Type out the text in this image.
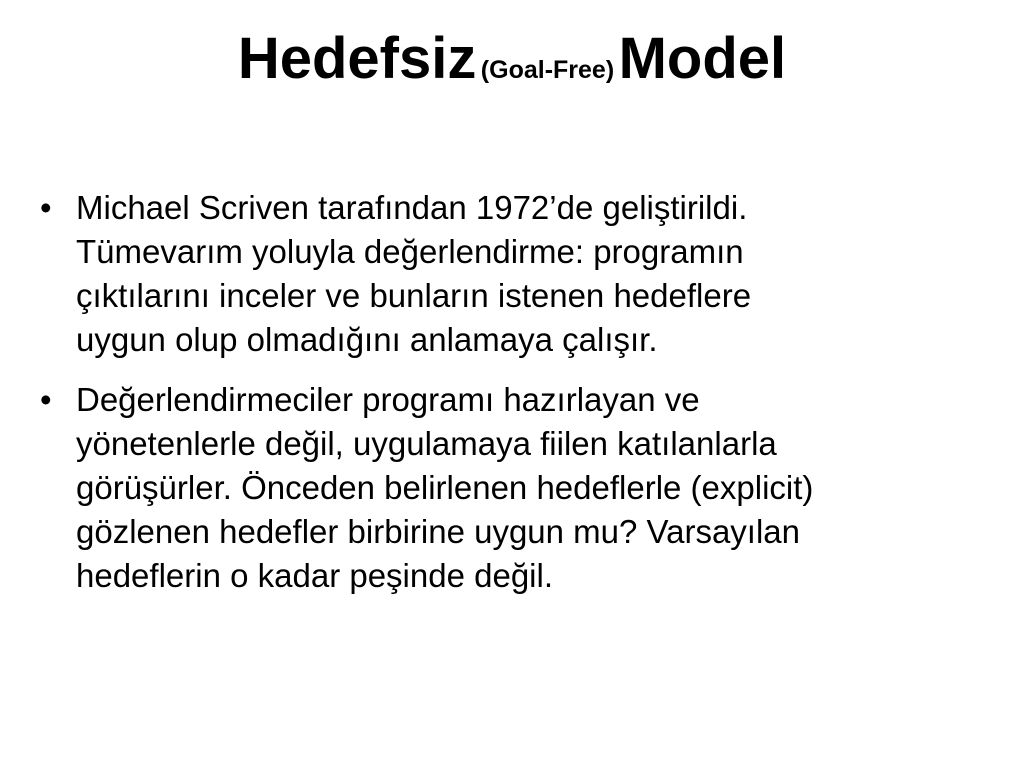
Hedefsiz (Goal-Free) Model
• Michael Scriven tarafından 1972’de geliştirildi.
Tümevarım yoluyla değerlendirme: programın
çıktılarını inceler ve bunların istenen hedeflere
uygun olup olmadığını anlamaya çalışır.
• Değerlendirmeciler programı hazırlayan ve
yönetenlerle değil, uygulamaya fiilen katılanlarla
görüşürler. Önceden belirlenen hedeflerle (explicit)
gözlenen hedefler birbirine uygun mu? Varsayılan
hedeflerin o kadar peşinde değil.
